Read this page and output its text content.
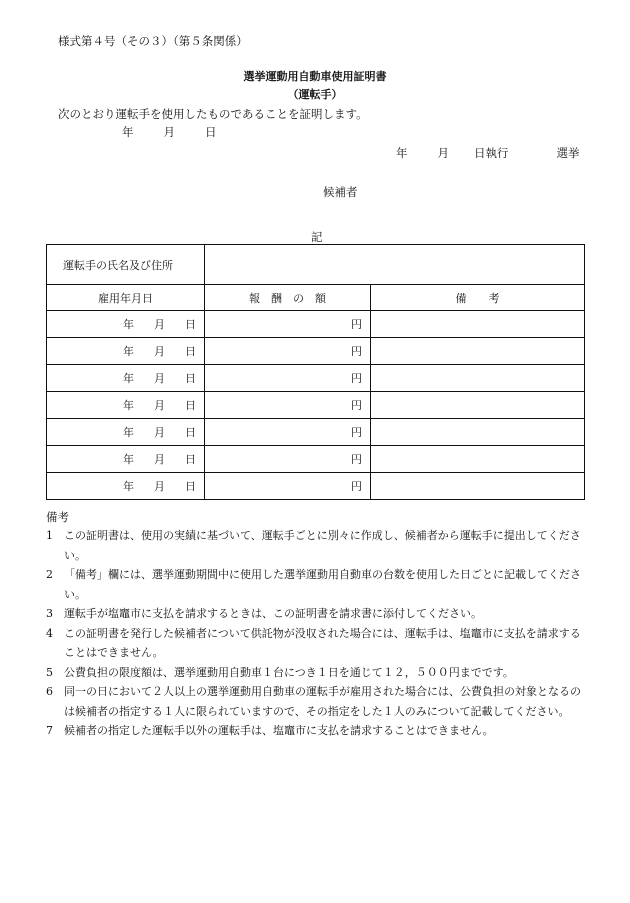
様式第４号（その３）（第５条関係）
選挙運動用自動車使用証明書
（運転手）
次のとおり運転手を使用したものであることを証明します。
年	月	日
年	月 日執行	選挙
候補者
記
運転手の氏名及び住所		
雇用年月日	報　酬　の　額	備　　考
年 月 日	円	
年 月 日	円	
年 月 日	円	
年 月 日	円	
年 月 日	円	
年 月 日	円	
年 月 日	円	
備考
1	この証明書は、使用の実績に基づいて、運転手ごとに別々に作成し、候補者から運転手に提出してください。
2	「備考」欄には、選挙運動期間中に使用した選挙運動用自動車の台数を使用した日ごとに記載してください。
3	運転手が塩竈市に支払を請求するときは、この証明書を請求書に添付してください。
4	この証明書を発行した候補者について供託物が没収された場合には、運転手は、塩竈市に支払を請求することはできません。
5	公費負担の限度額は、選挙運動用自動車１台につき１日を通じて１２，５００円までです。
6	同一の日において２人以上の選挙運動用自動車の運転手が雇用された場合には、公費負担の対象となるのは候補者の指定する１人に限られていますので、その指定をした１人のみについて記載してください。
7	候補者の指定した運転手以外の運転手は、塩竈市に支払を請求することはできません。
